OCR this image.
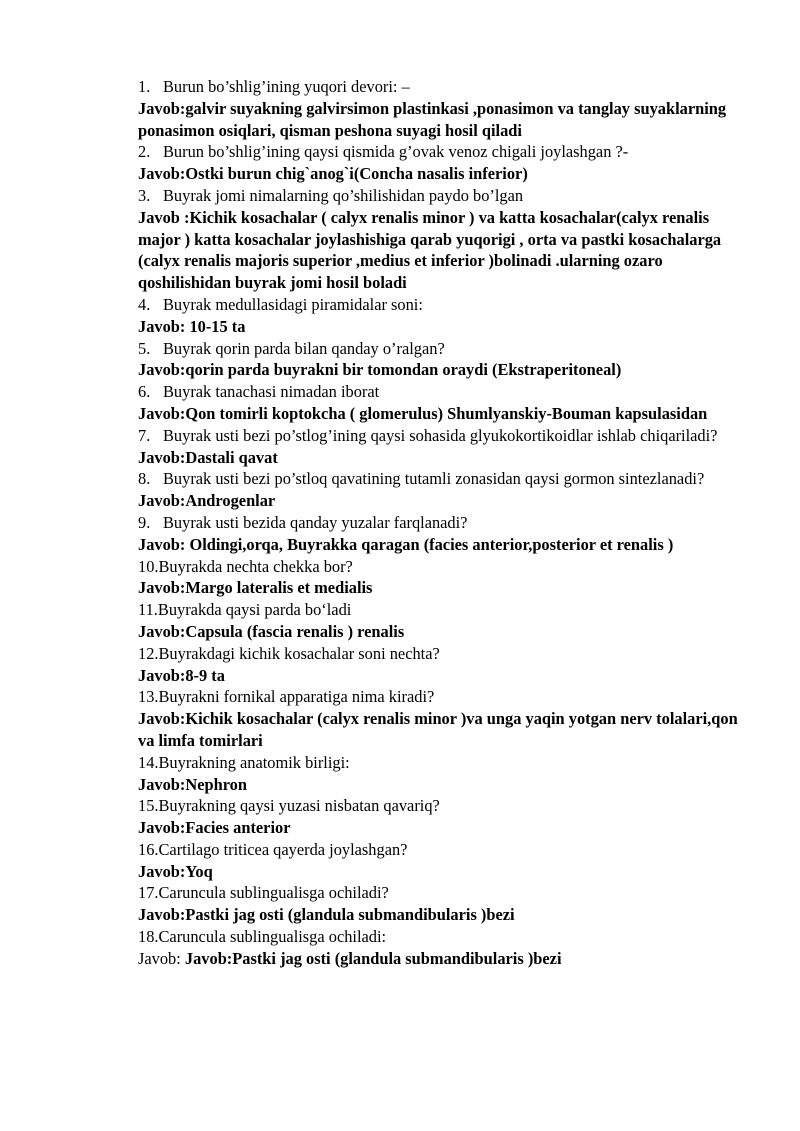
1. Burun bo’shlig’ining yuqori devori: –
Javob:galvir suyakning galvirsimon plastinkasi ,ponasimon va tanglay suyaklarning ponasimon osiqlari, qisman peshona suyagi hosil qiladi
2. Burun bo’shlig’ining qaysi qismida g’ovak venoz chigali joylashgan ?-
Javob:Ostki burun chig`anog`i(Concha nasalis inferior)
3. Buyrak jomi nimalarning qo’shilishidan paydo bo’lgan
Javob :Kichik kosachalar ( calyx renalis minor ) va katta kosachalar(calyx renalis major ) katta kosachalar joylashishiga qarab yuqorigi , orta va pastki kosachalarga (calyx renalis majoris superior ,medius et inferior )bolinadi .ularning ozaro qoshilishidan buyrak jomi hosil boladi
4. Buyrak medullasidagi piramidalar soni:
Javob: 10-15 ta
5. Buyrak qorin parda bilan qanday o’ralgan?
Javob:qorin parda buyrakni bir tomondan oraydi (Ekstraperitoneal)
6. Buyrak tanachasi nimadan iborat
Javob:Qon tomirli koptokcha ( glomerulus) Shumlyanskiy-Bouman kapsulasidan
7. Buyrak usti bezi po’stlog’ining qaysi sohasida glyukokortikoidlar ishlab chiqariladi?
Javob:Dastali qavat
8. Buyrak usti bezi po’stloq qavatining tutamli zonasidan qaysi gormon sintezlanadi?
Javob:Androgenlar
9. Buyrak usti bezida qanday yuzalar farqlanadi?
Javob: Oldingi,orqa, Buyrakka qaragan (facies anterior,posterior et renalis )
10. Buyrakda nechta chekka bor?
Javob:Margo lateralis et medialis
11. Buyrakda qaysi parda bo‘ladi
Javob:Capsula (fascia renalis ) renalis
12. Buyrakdagi kichik kosachalar soni nechta?
Javob:8-9 ta
13. Buyrakni fornikal apparatiga nima kiradi?
Javob:Kichik kosachalar (calyx renalis minor )va unga yaqin yotgan nerv tolalari,qon va limfa tomirlari
14. Buyrakning anatomik birligi:
Javob:Nephron
15. Buyrakning qaysi yuzasi nisbatan qavariq?
Javob:Facies anterior
16. Cartilago triticea qayerda joylashgan?
Javob:Yoq
17. Caruncula sublingualisga ochiladi?
Javob:Pastki jag osti (glandula submandibularis )bezi
18. Caruncula sublingualisga ochiladi:
Javob: Javob:Pastki jag osti (glandula submandibularis )bezi
